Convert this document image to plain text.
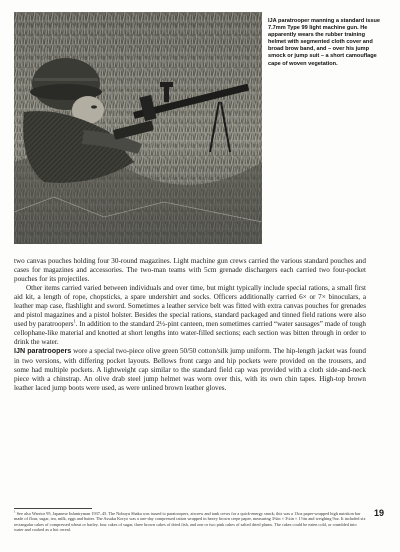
IJA paratrooper manning a standard issue 7.7mm Type 99 light machine gun. He apparently wears the rubber training helmet with segmented cloth cover and broad brow band, and – over his jump smock or jump suit – a short camouflage cape of woven vegetation.

two canvas pouches holding four 30-round magazines. Light machine gun crews carried the various standard pouches and cases for magazines and accessories. The two-man teams with 5cm grenade dischargers each carried two four-pocket pouches for its projectiles.

Other items carried varied between individuals and over time, but might typically include special rations, a small first aid kit, a length of rope, chopsticks, a spare undershirt and socks. Officers additionally carried 6× or 7× binoculars, a leather map case, flashlight and sword. Sometimes a leather service belt was fitted with extra canvas pouches for grenades and pistol magazines and a pistol holster. Besides the special rations, standard packaged and tinned field rations were also used by paratroopers$^1$. In addition to the standard 2½-pint canteen, men sometimes carried “water sausages” made of tough cellophane-like material and knotted at short lengths into water-filled sections; each section was bitten through in order to drink the water.

IJN paratroopers wore a special two-piece olive green 50/50 cotton/silk jump uniform. The hip-length jacket was found in two versions, with differing pocket layouts. Bellows front cargo and hip pockets were provided on the trousers, and some had multiple pockets. A lightweight cap similar to the standard field cap was provided with a cloth side-and-neck piece with a chinstrap. An olive drab steel jump helmet was worn over this, with its own chin tapes. High-top brown leather laced jump boots were used, as were unlined brown leather gloves.

$^1$ See also Warrior 95, Japanese Infantryman 1937–45. The Nobuyu Shaku was issued to paratroopers, aircrew and tank crews for a quick-energy snack; this was a 13oz paper-wrapped high nutrition bar made of flour, sugar, tea, milk, eggs and butter. The Assaku Koryo was a one-day compressed ration wrapped in heavy brown crepe paper, measuring 3¾in × 3¼in × 1½in and weighing 9oz. It included six rectangular cakes of compressed wheat or barley, four cakes of sugar, three brown cakes of dried fish, and one or two pink cakes of salted dried plums. The cakes could be eaten cold, or crumbled into water and cooked as a hot cereal.
19
